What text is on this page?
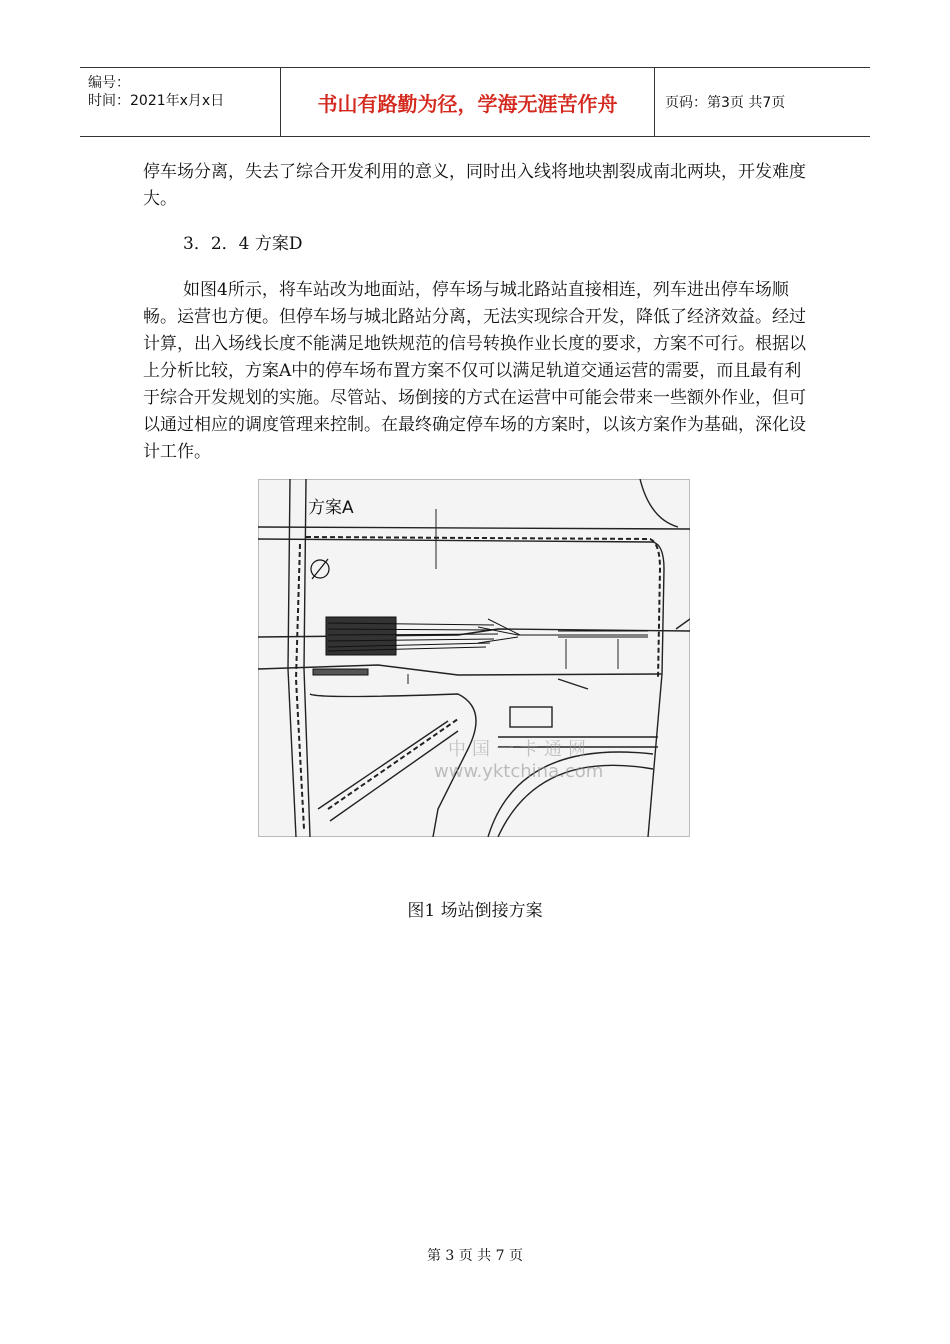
编号：
时间：2021年x月x日	书山有路勤为径，学海无涯苦作舟	页码：第3页 共7页

停车场分离，失去了综合开发利用的意义，同时出入线将地块割裂成南北两块，开发难度大。

3．2．4 方案D

如图4所示，将车站改为地面站，停车场与城北路站直接相连，列车进出停车场顺畅。运营也方便。但停车场与城北路站分离，无法实现综合开发，降低了经济效益。经过计算，出入场线长度不能满足地铁规范的信号转换作业长度的要求，方案不可行。根据以上分析比较，方案A中的停车场布置方案不仅可以满足轨道交通运营的需要，而且最有利于综合开发规划的实施。尽管站、场倒接的方式在运营中可能会带来一些额外作业，但可以通过相应的调度管理来控制。在最终确定停车场的方案时，以该方案作为基础，深化设计工作。

方案A
中国一卡通网
www.yktchina.com
图1 场站倒接方案
第 3 页 共 7 页
